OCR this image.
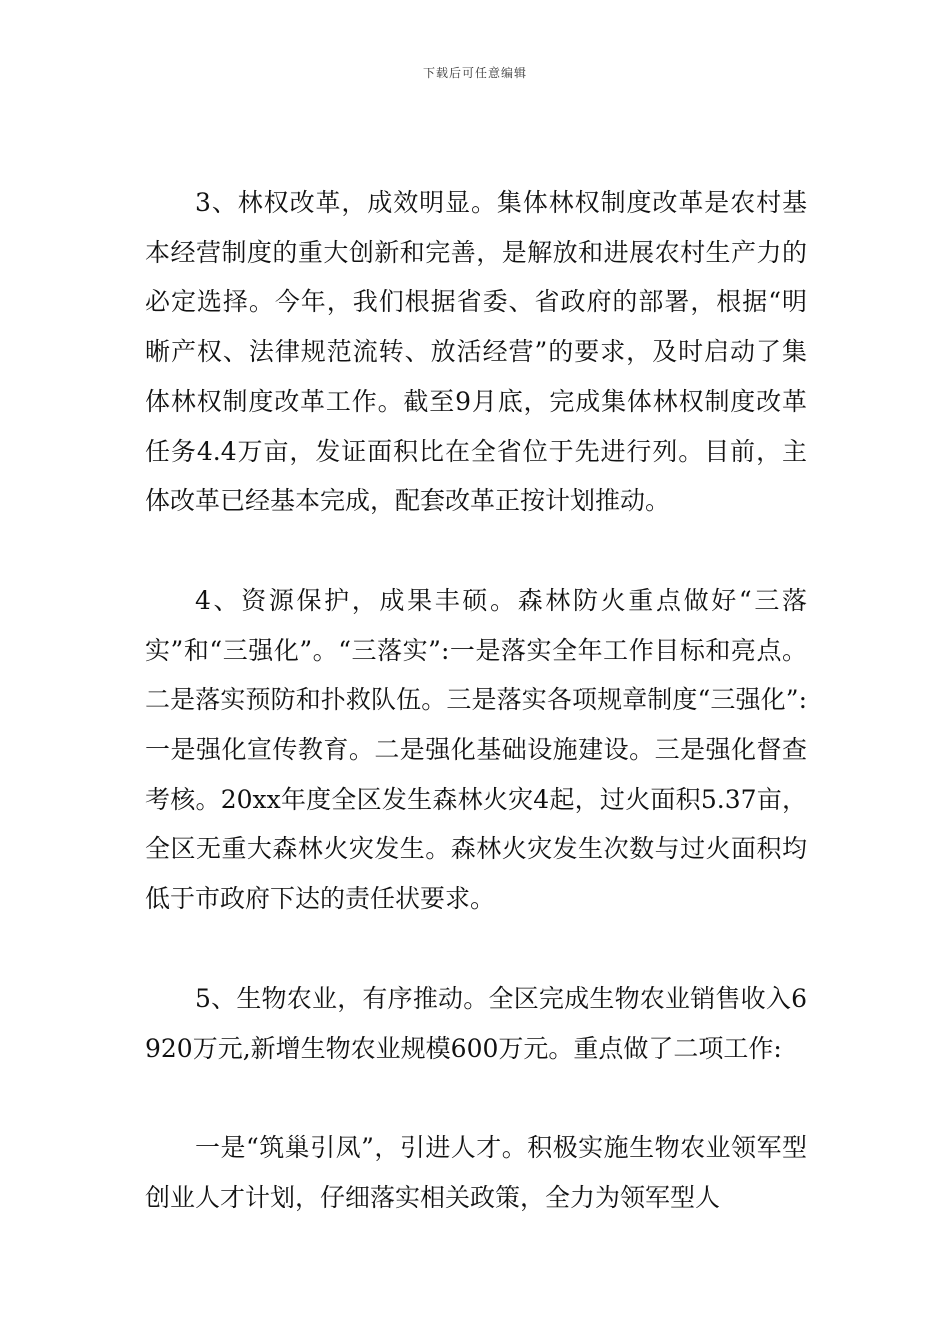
下载后可任意编辑

3、林权改革，成效明显。集体林权制度改革是农村基本经营制度的重大创新和完善，是解放和进展农村生产力的必定选择。今年，我们根据省委、省政府的部署，根据“明晰产权、法律规范流转、放活经营”的要求，及时启动了集体林权制度改革工作。截至9月底，完成集体林权制度改革任务4.4万亩，发证面积比在全省位于先进行列。目前，主体改革已经基本完成，配套改革正按计划推动。

4、资源保护，成果丰硕。森林防火重点做好“三落实”和“三强化”。“三落实”:一是落实全年工作目标和亮点。二是落实预防和扑救队伍。三是落实各项规章制度“三强化”:一是强化宣传教育。二是强化基础设施建设。三是强化督查考核。20xx年度全区发生森林火灾4起，过火面积5.37亩，全区无重大森林火灾发生。森林火灾发生次数与过火面积均低于市政府下达的责任状要求。

5、生物农业，有序推动。全区完成生物农业销售收入6920万元,新增生物农业规模600万元。重点做了二项工作:

一是“筑巢引凤”，引进人才。积极实施生物农业领军型创业人才计划，仔细落实相关政策，全力为领军型人
